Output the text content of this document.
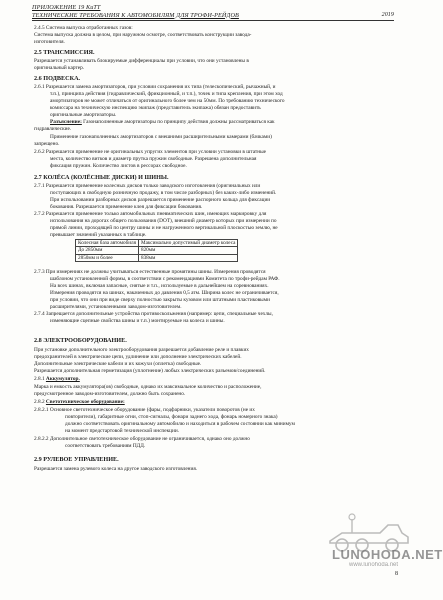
ПРИЛОЖЕНИЕ 19 КиТТ
ТЕХНИЧЕСКИЕ ТРЕБОВАНИЯ К АВТОМОБИЛЯМ ДЛЯ ТРОФИ-РЕЙДОВ	2019
2.4.5 Система выпуска отработанных газов:
Система выпуска должна в целом, при наружном осмотре, соответствовать конструкции завода-
изготовителя.
2.5 ТРАНСМИССИЯ.
Разрешается устанавливать блокируемые дифференциалы при условии, что они установлены в
оригинальный картер.
2.6 ПОДВЕСКА.
2.6.1 Разрешается замена амортизаторов, при условии сохранения их типа (телескопический, рычажный, и
т.п.), принципа действия (гидравлический, фрикционный, и т.п.), точек и типа крепления, при этом ход
амортизаторов не может отличаться от оригинального более чем на 50мм. По требованию технического
комиссара на техническую инспекцию экипаж (представитель экипажа) обязан предоставить
оригинальные амортизаторы.
Разъяснение: Газонаполненные амортизаторы по принципу действия должны рассматриваться как
гидравлические.
Применение газонаполненных амортизаторов с внешними расширительными камерами (бачками)
запрещено.
2.6.2 Разрешается применение не оригинальных упругих элементов при условии установки в штатные
места, количество витков и диаметр прутка пружин свободные. Разрешена дополнительная
фиксация пружин. Количество листов в рессорах свободное.
2.7 КОЛЁСА (КОЛЁСНЫЕ ДИСКИ) И ШИНЫ.
2.7.1 Разрешается применение колесных дисков только заводского изготовления (оригинальных или
поступающих в свободную розничную продажу, в том числе разборных) без каких-либо изменений.
При использовании разборных дисков разрешается применение распорного кольца для фиксации
бокования. Разрешается применение клея для фиксации бокования.
2.7.2 Разрешается применение только автомобильных пневматических шин, имеющих маркировку для
использования на дорогах общего пользования (DOT), внешний диаметр которых при измерении по
прямой линии, проходящей по центру шины и не нагруженного вертикальной плоскостью землю, не
превышает значений указанных в таблице.
2.7.3 При измерениях не должны учитываться естественные промятины шины. Измерения проводятся
шаблоном установленной формы, в соответствии с рекомендациями Комитета по трофи-рейдам РАФ.
На всех шинах, включая запасные, снятые и т.п., используемые в дальнейшем на соревнованиях.
Измерения проводятся на шинах, накаченных до давления 0,5 атм. Ширина колес не ограничивается,
при условии, что они при виде сверху полностью закрыты кузовом или штатными пластиковыми
расширителями, установленными заводом-изготовителем.
2.7.4 Запрещается дополнительные устройства противоскольжения (например: цепи, специальные чехлы,
изменяющие сцепные свойства шины и т.п.) монтируемые на колеса и шины.
2.8 ЭЛЕКТРООБОРУДОВАНИЕ.
При установке дополнительного электрооборудования разрешается добавление реле и плавких
предохранителей в электрические цепи, удлинение или дополнение электрических кабелей.
Дополнительные электрические кабели и их кожухи (оплетка) свободные.
Разрешается дополнительная герметизация (уплотнение) любых электрических разъемов/соединений.
2.8.1 Аккумулятор.
Марка и емкость аккумулятора(ов) свободные, однако их максимальное количество и расположение,
предусмотренное заводом-изготовителем, должно быть сохранено.
2.8.2 Светотехническое оборудование:
2.8.2.1 Основное светотехническое оборудование (фары, подфарники, указатели поворотов (не их
повторители), габаритные огни, стоп-сигналы, фонари заднего хода, фонарь номерного знака)
должно соответствовать оригинальному автомобилю и находиться в рабочем состоянии как минимум
на момент предстартовой технической инспекции.
2.8.2.2 Дополнительное светотехническое оборудование не ограничивается, однако оно должно
соответствовать требованиям ПДД.
2.9 РУЛЕВОЕ УПРАВЛЕНИЕ.
Разрешается замена рулевого колеса на другое заводского изготовления.
Колесная база автомобиля	Максимально допустимый диаметр колеса
До 2850мм	820мм
2850мм и более	838мм
LUNOHODA.NET
www.lunohoda.net
8
